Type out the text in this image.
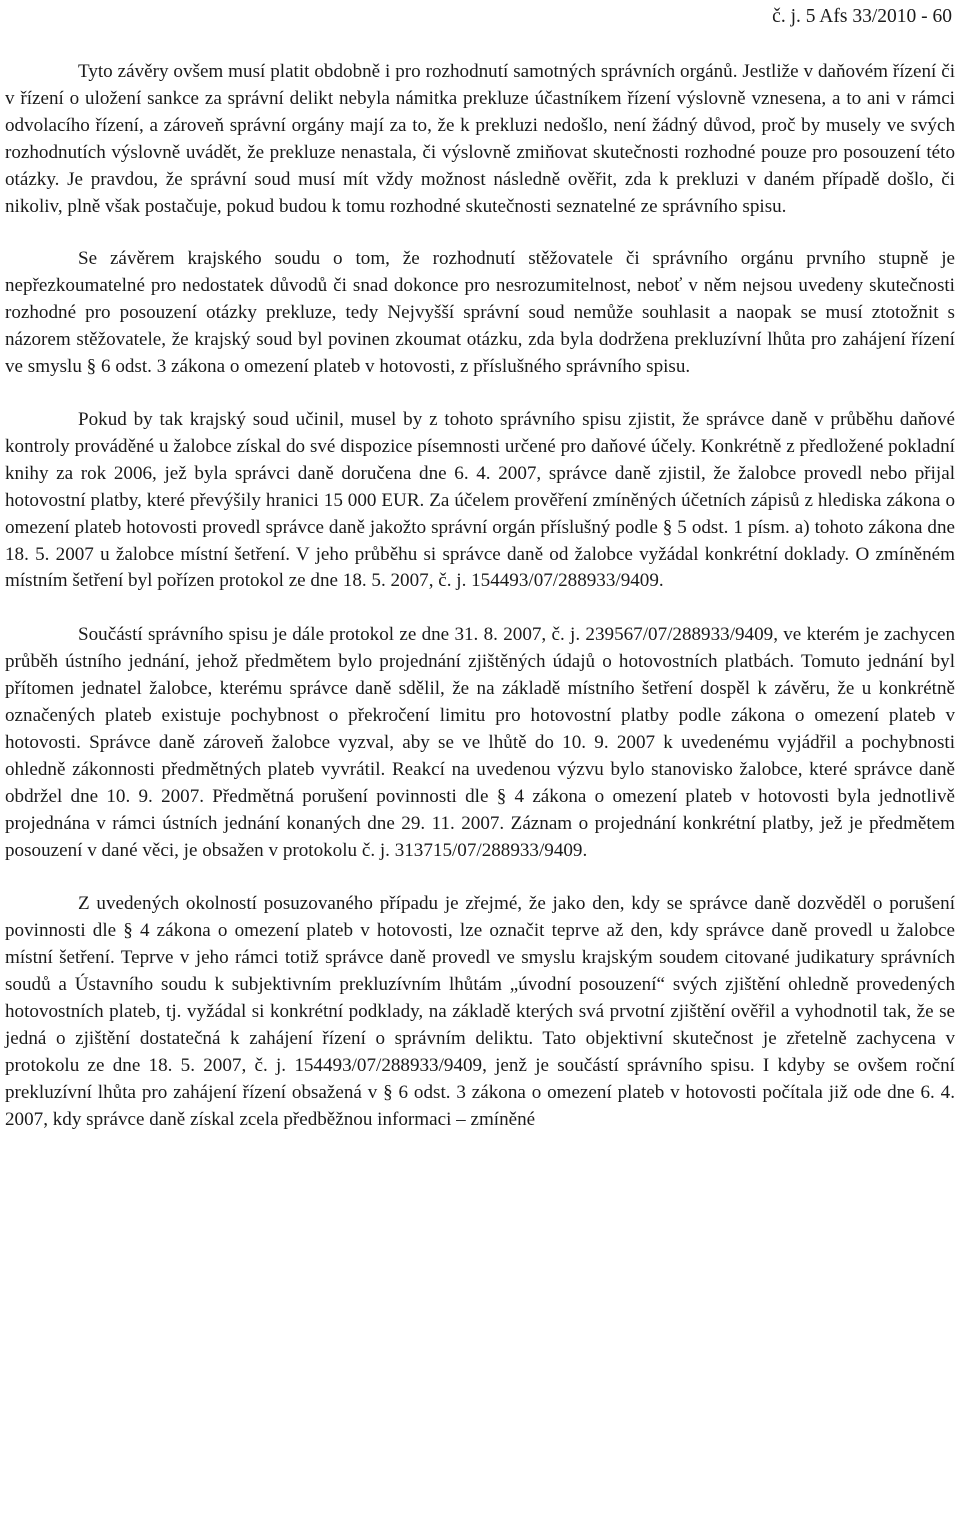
č. j. 5 Afs 33/2010 - 60

Tyto závěry ovšem musí platit obdobně i pro rozhodnutí samotných správních orgánů. Jestliže v daňovém řízení či v řízení o uložení sankce za správní delikt nebyla námitka prekluze účastníkem řízení výslovně vznesena, a to ani v rámci odvolacího řízení, a zároveň správní orgány mají za to, že k prekluzi nedošlo, není žádný důvod, proč by musely ve svých rozhodnutích výslovně uvádět, že prekluze nenastala, či výslovně zmiňovat skutečnosti rozhodné pouze pro posouzení této otázky. Je pravdou, že správní soud musí mít vždy možnost následně ověřit, zda k prekluzi v daném případě došlo, či nikoliv, plně však postačuje, pokud budou k tomu rozhodné skutečnosti seznatelné ze správního spisu.

Se závěrem krajského soudu o tom, že rozhodnutí stěžovatele či správního orgánu prvního stupně je nepřezkoumatelné pro nedostatek důvodů či snad dokonce pro nesrozumitelnost, neboť v něm nejsou uvedeny skutečnosti rozhodné pro posouzení otázky prekluze, tedy Nejvyšší správní soud nemůže souhlasit a naopak se musí ztotožnit s názorem stěžovatele, že krajský soud byl povinen zkoumat otázku, zda byla dodržena prekluzívní lhůta pro zahájení řízení ve smyslu § 6 odst. 3 zákona o omezení plateb v hotovosti, z příslušného správního spisu.

Pokud by tak krajský soud učinil, musel by z tohoto správního spisu zjistit, že správce daně v průběhu daňové kontroly prováděné u žalobce získal do své dispozice písemnosti určené pro daňové účely. Konkrétně z předložené pokladní knihy za rok 2006, jež byla správci daně doručena dne 6. 4. 2007, správce daně zjistil, že žalobce provedl nebo přijal hotovostní platby, které převýšily hranici 15 000 EUR. Za účelem prověření zmíněných účetních zápisů z hlediska zákona o omezení plateb hotovosti provedl správce daně jakožto správní orgán příslušný podle § 5 odst. 1 písm. a) tohoto zákona dne 18. 5. 2007 u žalobce místní šetření. V jeho průběhu si správce daně od žalobce vyžádal konkrétní doklady. O zmíněném místním šetření byl pořízen protokol ze dne 18. 5. 2007, č. j. 154493/07/288933/9409.

Součástí správního spisu je dále protokol ze dne 31. 8. 2007, č. j. 239567/07/288933/9409, ve kterém je zachycen průběh ústního jednání, jehož předmětem bylo projednání zjištěných údajů o hotovostních platbách. Tomuto jednání byl přítomen jednatel žalobce, kterému správce daně sdělil, že na základě místního šetření dospěl k závěru, že u konkrétně označených plateb existuje pochybnost o překročení limitu pro hotovostní platby podle zákona o omezení plateb v hotovosti. Správce daně zároveň žalobce vyzval, aby se ve lhůtě do 10. 9. 2007 k uvedenému vyjádřil a pochybnosti ohledně zákonnosti předmětných plateb vyvrátil. Reakcí na uvedenou výzvu bylo stanovisko žalobce, které správce daně obdržel dne 10. 9. 2007. Předmětná porušení povinnosti dle § 4 zákona o omezení plateb v hotovosti byla jednotlivě projednána v rámci ústních jednání konaných dne 29. 11. 2007. Záznam o projednání konkrétní platby, jež je předmětem posouzení v dané věci, je obsažen v protokolu č. j. 313715/07/288933/9409.

Z uvedených okolností posuzovaného případu je zřejmé, že jako den, kdy se správce daně dozvěděl o porušení povinnosti dle § 4 zákona o omezení plateb v hotovosti, lze označit teprve až den, kdy správce daně provedl u žalobce místní šetření. Teprve v jeho rámci totiž správce daně provedl ve smyslu krajským soudem citované judikatury správních soudů a Ústavního soudu k subjektivním prekluzívním lhůtám „úvodní posouzení“ svých zjištění ohledně provedených hotovostních plateb, tj. vyžádal si konkrétní podklady, na základě kterých svá prvotní zjištění ověřil a vyhodnotil tak, že se jedná o zjištění dostatečná k zahájení řízení o správním deliktu. Tato objektivní skutečnost je zřetelně zachycena v protokolu ze dne 18. 5. 2007, č. j. 154493/07/288933/9409, jenž je součástí správního spisu. I kdyby se ovšem roční prekluzívní lhůta pro zahájení řízení obsažená v § 6 odst. 3 zákona o omezení plateb v hotovosti počítala již ode dne 6. 4. 2007, kdy správce daně získal zcela předběžnou informaci – zmíněné
